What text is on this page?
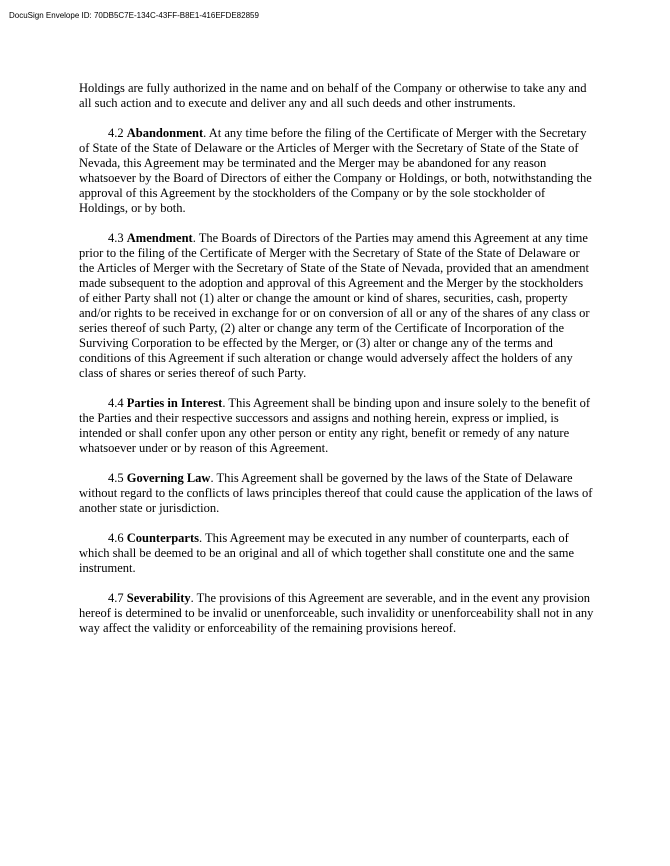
DocuSign Envelope ID: 70DB5C7E-134C-43FF-B8E1-416EFDE82859

Holdings are fully authorized in the name and on behalf of the Company or otherwise to take any and all such action and to execute and deliver any and all such deeds and other instruments.

4.2 Abandonment. At any time before the filing of the Certificate of Merger with the Secretary of State of the State of Delaware or the Articles of Merger with the Secretary of State of the State of Nevada, this Agreement may be terminated and the Merger may be abandoned for any reason whatsoever by the Board of Directors of either the Company or Holdings, or both, notwithstanding the approval of this Agreement by the stockholders of the Company or by the sole stockholder of Holdings, or by both.

4.3 Amendment. The Boards of Directors of the Parties may amend this Agreement at any time prior to the filing of the Certificate of Merger with the Secretary of State of the State of Delaware or the Articles of Merger with the Secretary of State of the State of Nevada, provided that an amendment made subsequent to the adoption and approval of this Agreement and the Merger by the stockholders of either Party shall not (1) alter or change the amount or kind of shares, securities, cash, property and/or rights to be received in exchange for or on conversion of all or any of the shares of any class or series thereof of such Party, (2) alter or change any term of the Certificate of Incorporation of the Surviving Corporation to be effected by the Merger, or (3) alter or change any of the terms and conditions of this Agreement if such alteration or change would adversely affect the holders of any class of shares or series thereof of such Party.

4.4 Parties in Interest. This Agreement shall be binding upon and insure solely to the benefit of the Parties and their respective successors and assigns and nothing herein, express or implied, is intended or shall confer upon any other person or entity any right, benefit or remedy of any nature whatsoever under or by reason of this Agreement.

4.5 Governing Law. This Agreement shall be governed by the laws of the State of Delaware without regard to the conflicts of laws principles thereof that could cause the application of the laws of another state or jurisdiction.

4.6 Counterparts. This Agreement may be executed in any number of counterparts, each of which shall be deemed to be an original and all of which together shall constitute one and the same instrument.

4.7 Severability. The provisions of this Agreement are severable, and in the event any provision hereof is determined to be invalid or unenforceable, such invalidity or unenforceability shall not in any way affect the validity or enforceability of the remaining provisions hereof.
